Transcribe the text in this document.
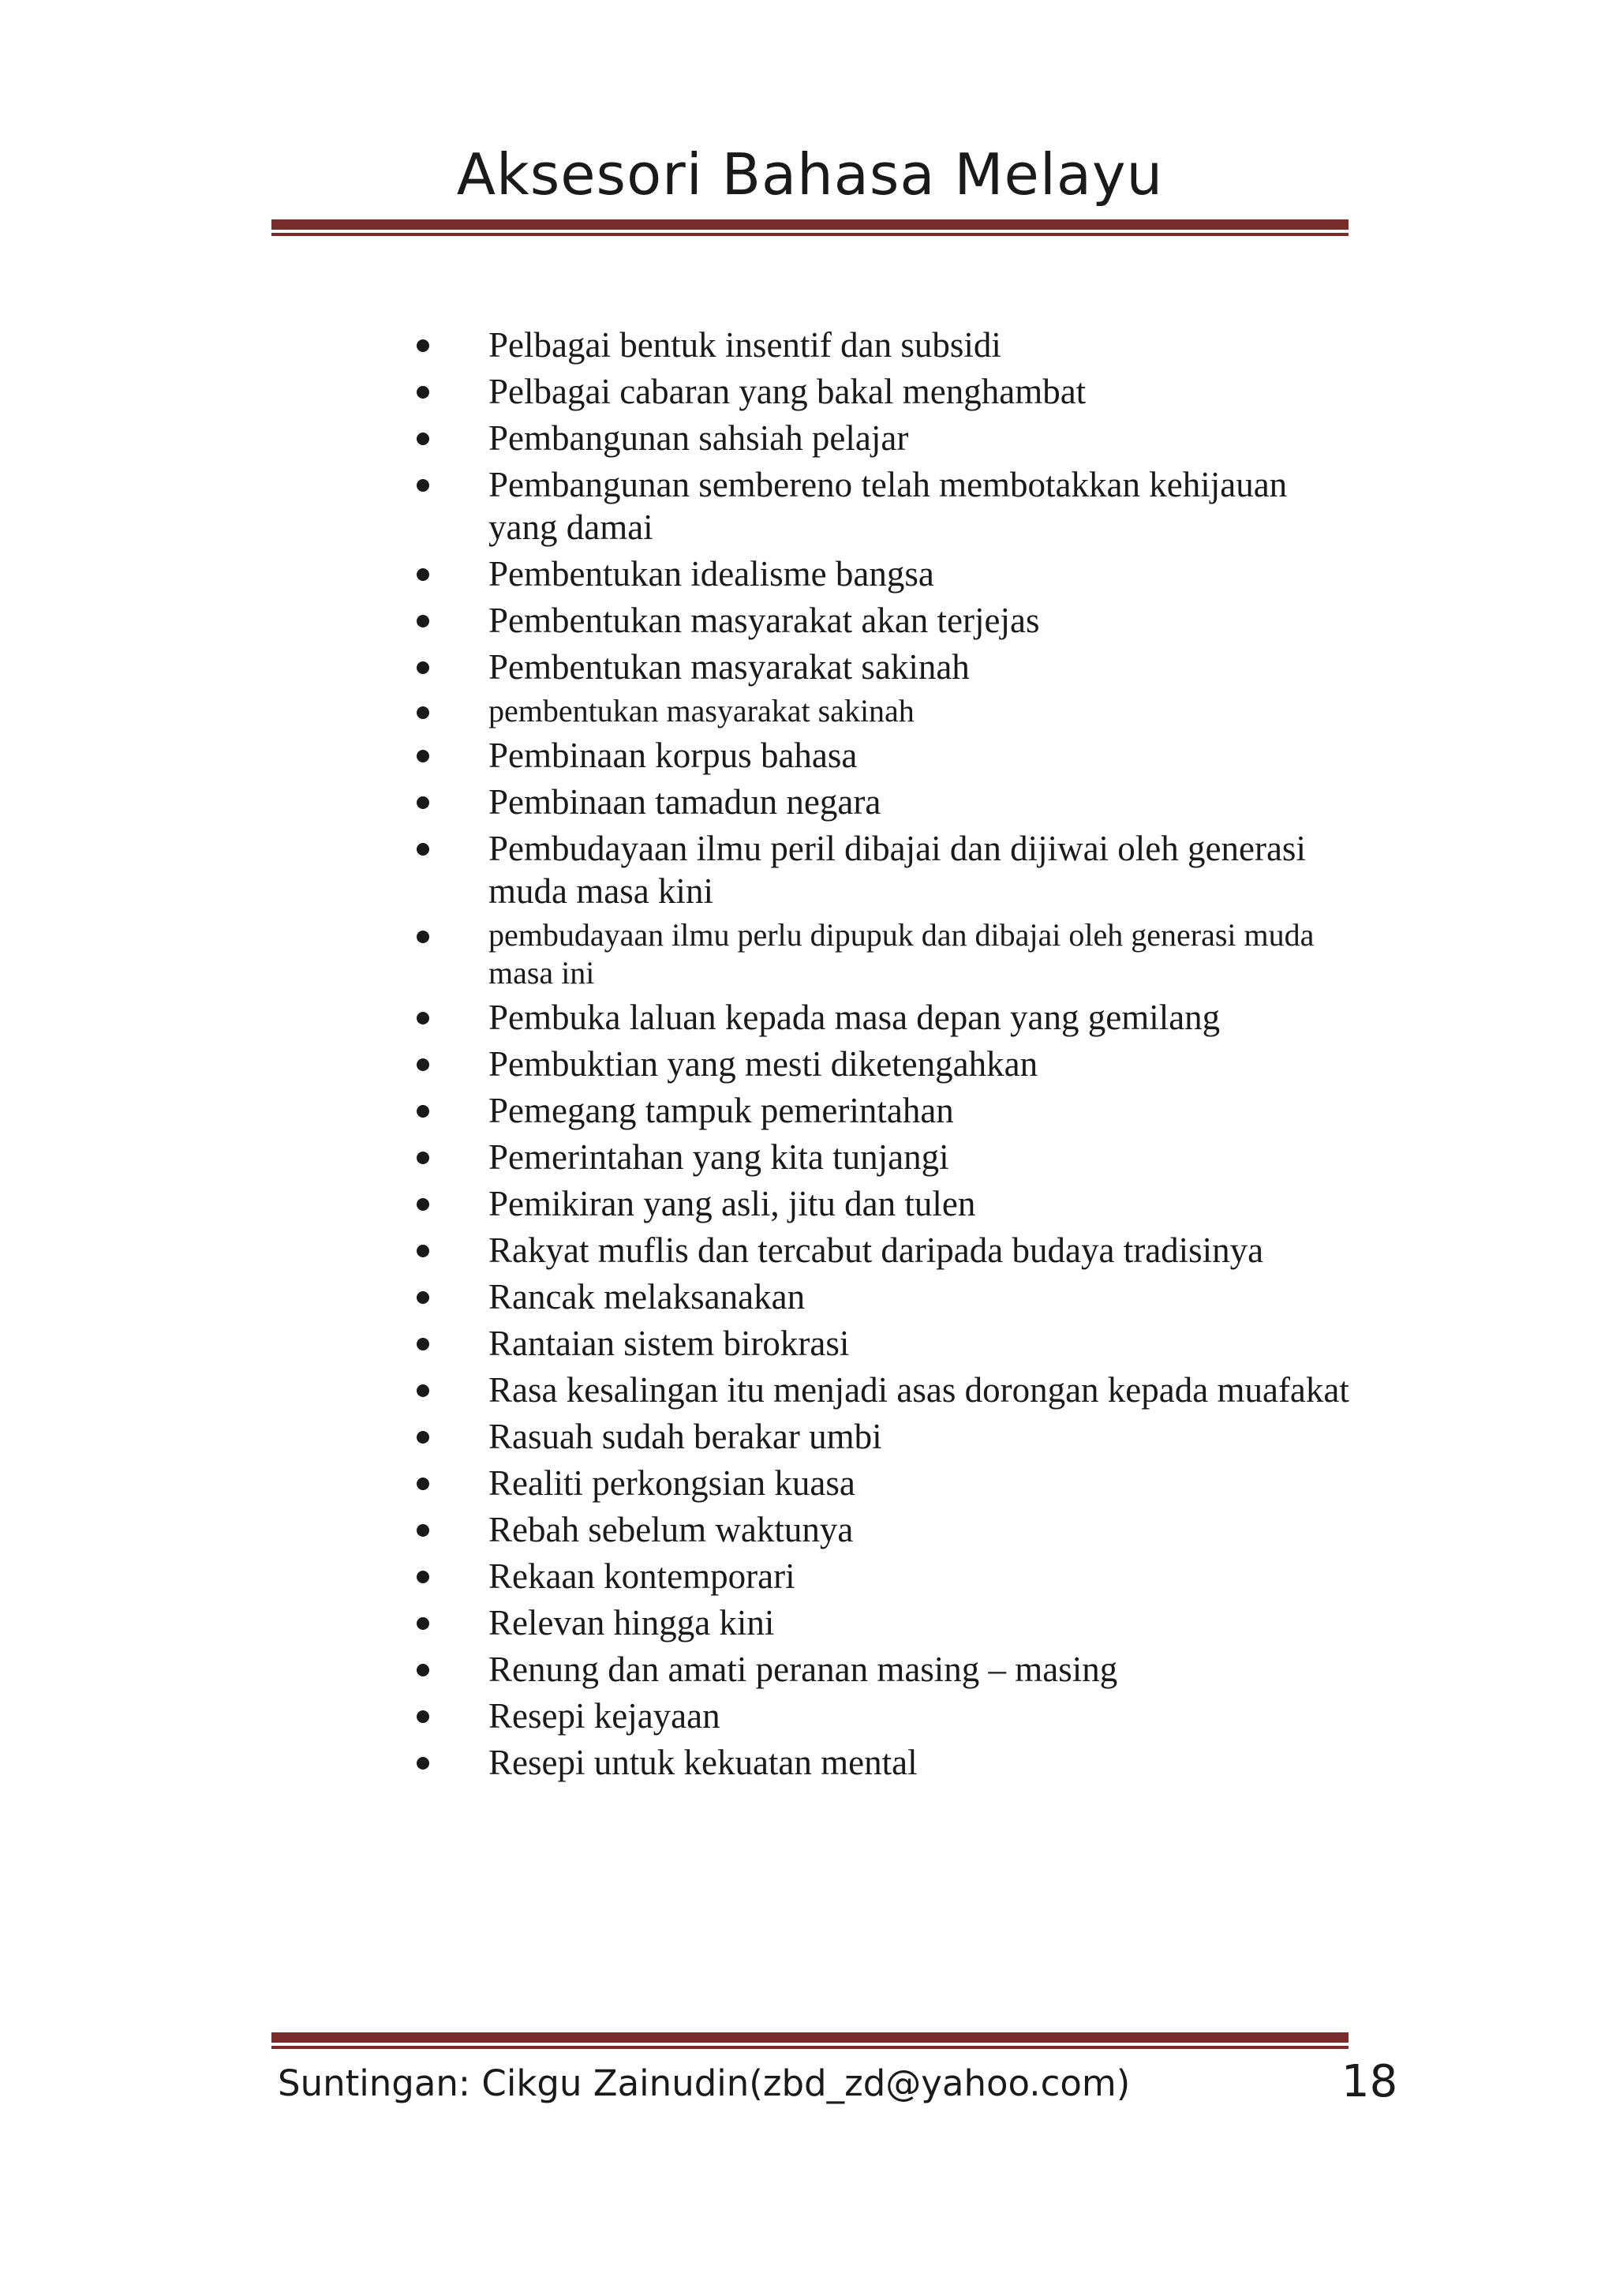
Aksesori Bahasa Melayu
Pelbagai bentuk insentif dan subsidi
Pelbagai cabaran yang bakal menghambat
Pembangunan sahsiah pelajar
Pembangunan sembereno telah membotakkan kehijauan yang damai
Pembentukan idealisme bangsa
Pembentukan masyarakat akan terjejas
Pembentukan masyarakat sakinah
pembentukan masyarakat sakinah
Pembinaan korpus bahasa
Pembinaan tamadun negara
Pembudayaan ilmu peril dibajai dan dijiwai oleh generasi muda masa kini
pembudayaan ilmu perlu dipupuk dan dibajai oleh generasi muda masa ini
Pembuka laluan kepada masa depan yang gemilang
Pembuktian yang mesti diketengahkan
Pemegang tampuk pemerintahan
Pemerintahan yang kita tunjangi
Pemikiran yang asli, jitu dan tulen
Rakyat muflis dan tercabut daripada budaya tradisinya
Rancak melaksanakan
Rantaian sistem birokrasi
Rasa kesalingan itu menjadi asas dorongan kepada muafakat
Rasuah sudah berakar umbi
Realiti perkongsian kuasa
Rebah sebelum waktunya
Rekaan kontemporari
Relevan hingga kini
Renung dan amati peranan masing – masing
Resepi kejayaan
Resepi untuk kekuatan mental
Suntingan: Cikgu Zainudin(zbd_zd@yahoo.com)	18
